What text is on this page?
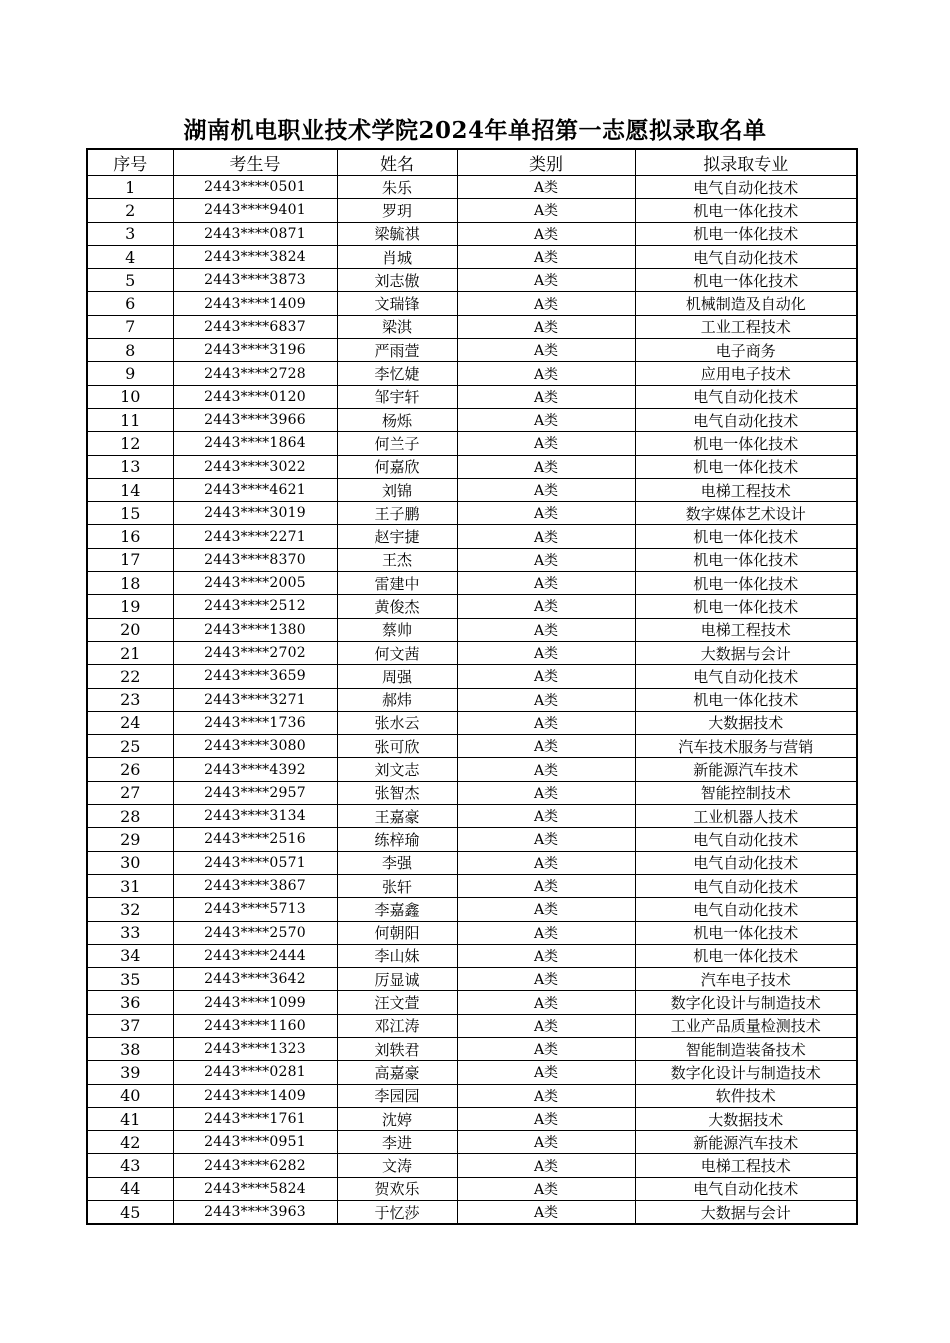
湖南机电职业技术学院2024年单招第一志愿拟录取名单
序号	考生号	姓名	类别	拟录取专业
1	2443****0501	朱乐	A类	电气自动化技术
2	2443****9401	罗玥	A类	机电一体化技术
3	2443****0871	梁毓祺	A类	机电一体化技术
4	2443****3824	肖城	A类	电气自动化技术
5	2443****3873	刘志傲	A类	机电一体化技术
6	2443****1409	文瑞锋	A类	机械制造及自动化
7	2443****6837	梁淇	A类	工业工程技术
8	2443****3196	严雨萱	A类	电子商务
9	2443****2728	李忆婕	A类	应用电子技术
10	2443****0120	邹宇轩	A类	电气自动化技术
11	2443****3966	杨烁	A类	电气自动化技术
12	2443****1864	何兰子	A类	机电一体化技术
13	2443****3022	何嘉欣	A类	机电一体化技术
14	2443****4621	刘锦	A类	电梯工程技术
15	2443****3019	王子鹏	A类	数字媒体艺术设计
16	2443****2271	赵宇捷	A类	机电一体化技术
17	2443****8370	王杰	A类	机电一体化技术
18	2443****2005	雷建中	A类	机电一体化技术
19	2443****2512	黄俊杰	A类	机电一体化技术
20	2443****1380	蔡帅	A类	电梯工程技术
21	2443****2702	何文茜	A类	大数据与会计
22	2443****3659	周强	A类	电气自动化技术
23	2443****3271	郝炜	A类	机电一体化技术
24	2443****1736	张水云	A类	大数据技术
25	2443****3080	张可欣	A类	汽车技术服务与营销
26	2443****4392	刘文志	A类	新能源汽车技术
27	2443****2957	张智杰	A类	智能控制技术
28	2443****3134	王嘉豪	A类	工业机器人技术
29	2443****2516	练梓瑜	A类	电气自动化技术
30	2443****0571	李强	A类	电气自动化技术
31	2443****3867	张轩	A类	电气自动化技术
32	2443****5713	李嘉鑫	A类	电气自动化技术
33	2443****2570	何朝阳	A类	机电一体化技术
34	2443****2444	李山妹	A类	机电一体化技术
35	2443****3642	厉显诚	A类	汽车电子技术
36	2443****1099	汪文萱	A类	数字化设计与制造技术
37	2443****1160	邓江涛	A类	工业产品质量检测技术
38	2443****1323	刘轶君	A类	智能制造装备技术
39	2443****0281	高嘉豪	A类	数字化设计与制造技术
40	2443****1409	李园园	A类	软件技术
41	2443****1761	沈婷	A类	大数据技术
42	2443****0951	李进	A类	新能源汽车技术
43	2443****6282	文涛	A类	电梯工程技术
44	2443****5824	贺欢乐	A类	电气自动化技术
45	2443****3963	于忆莎	A类	大数据与会计
